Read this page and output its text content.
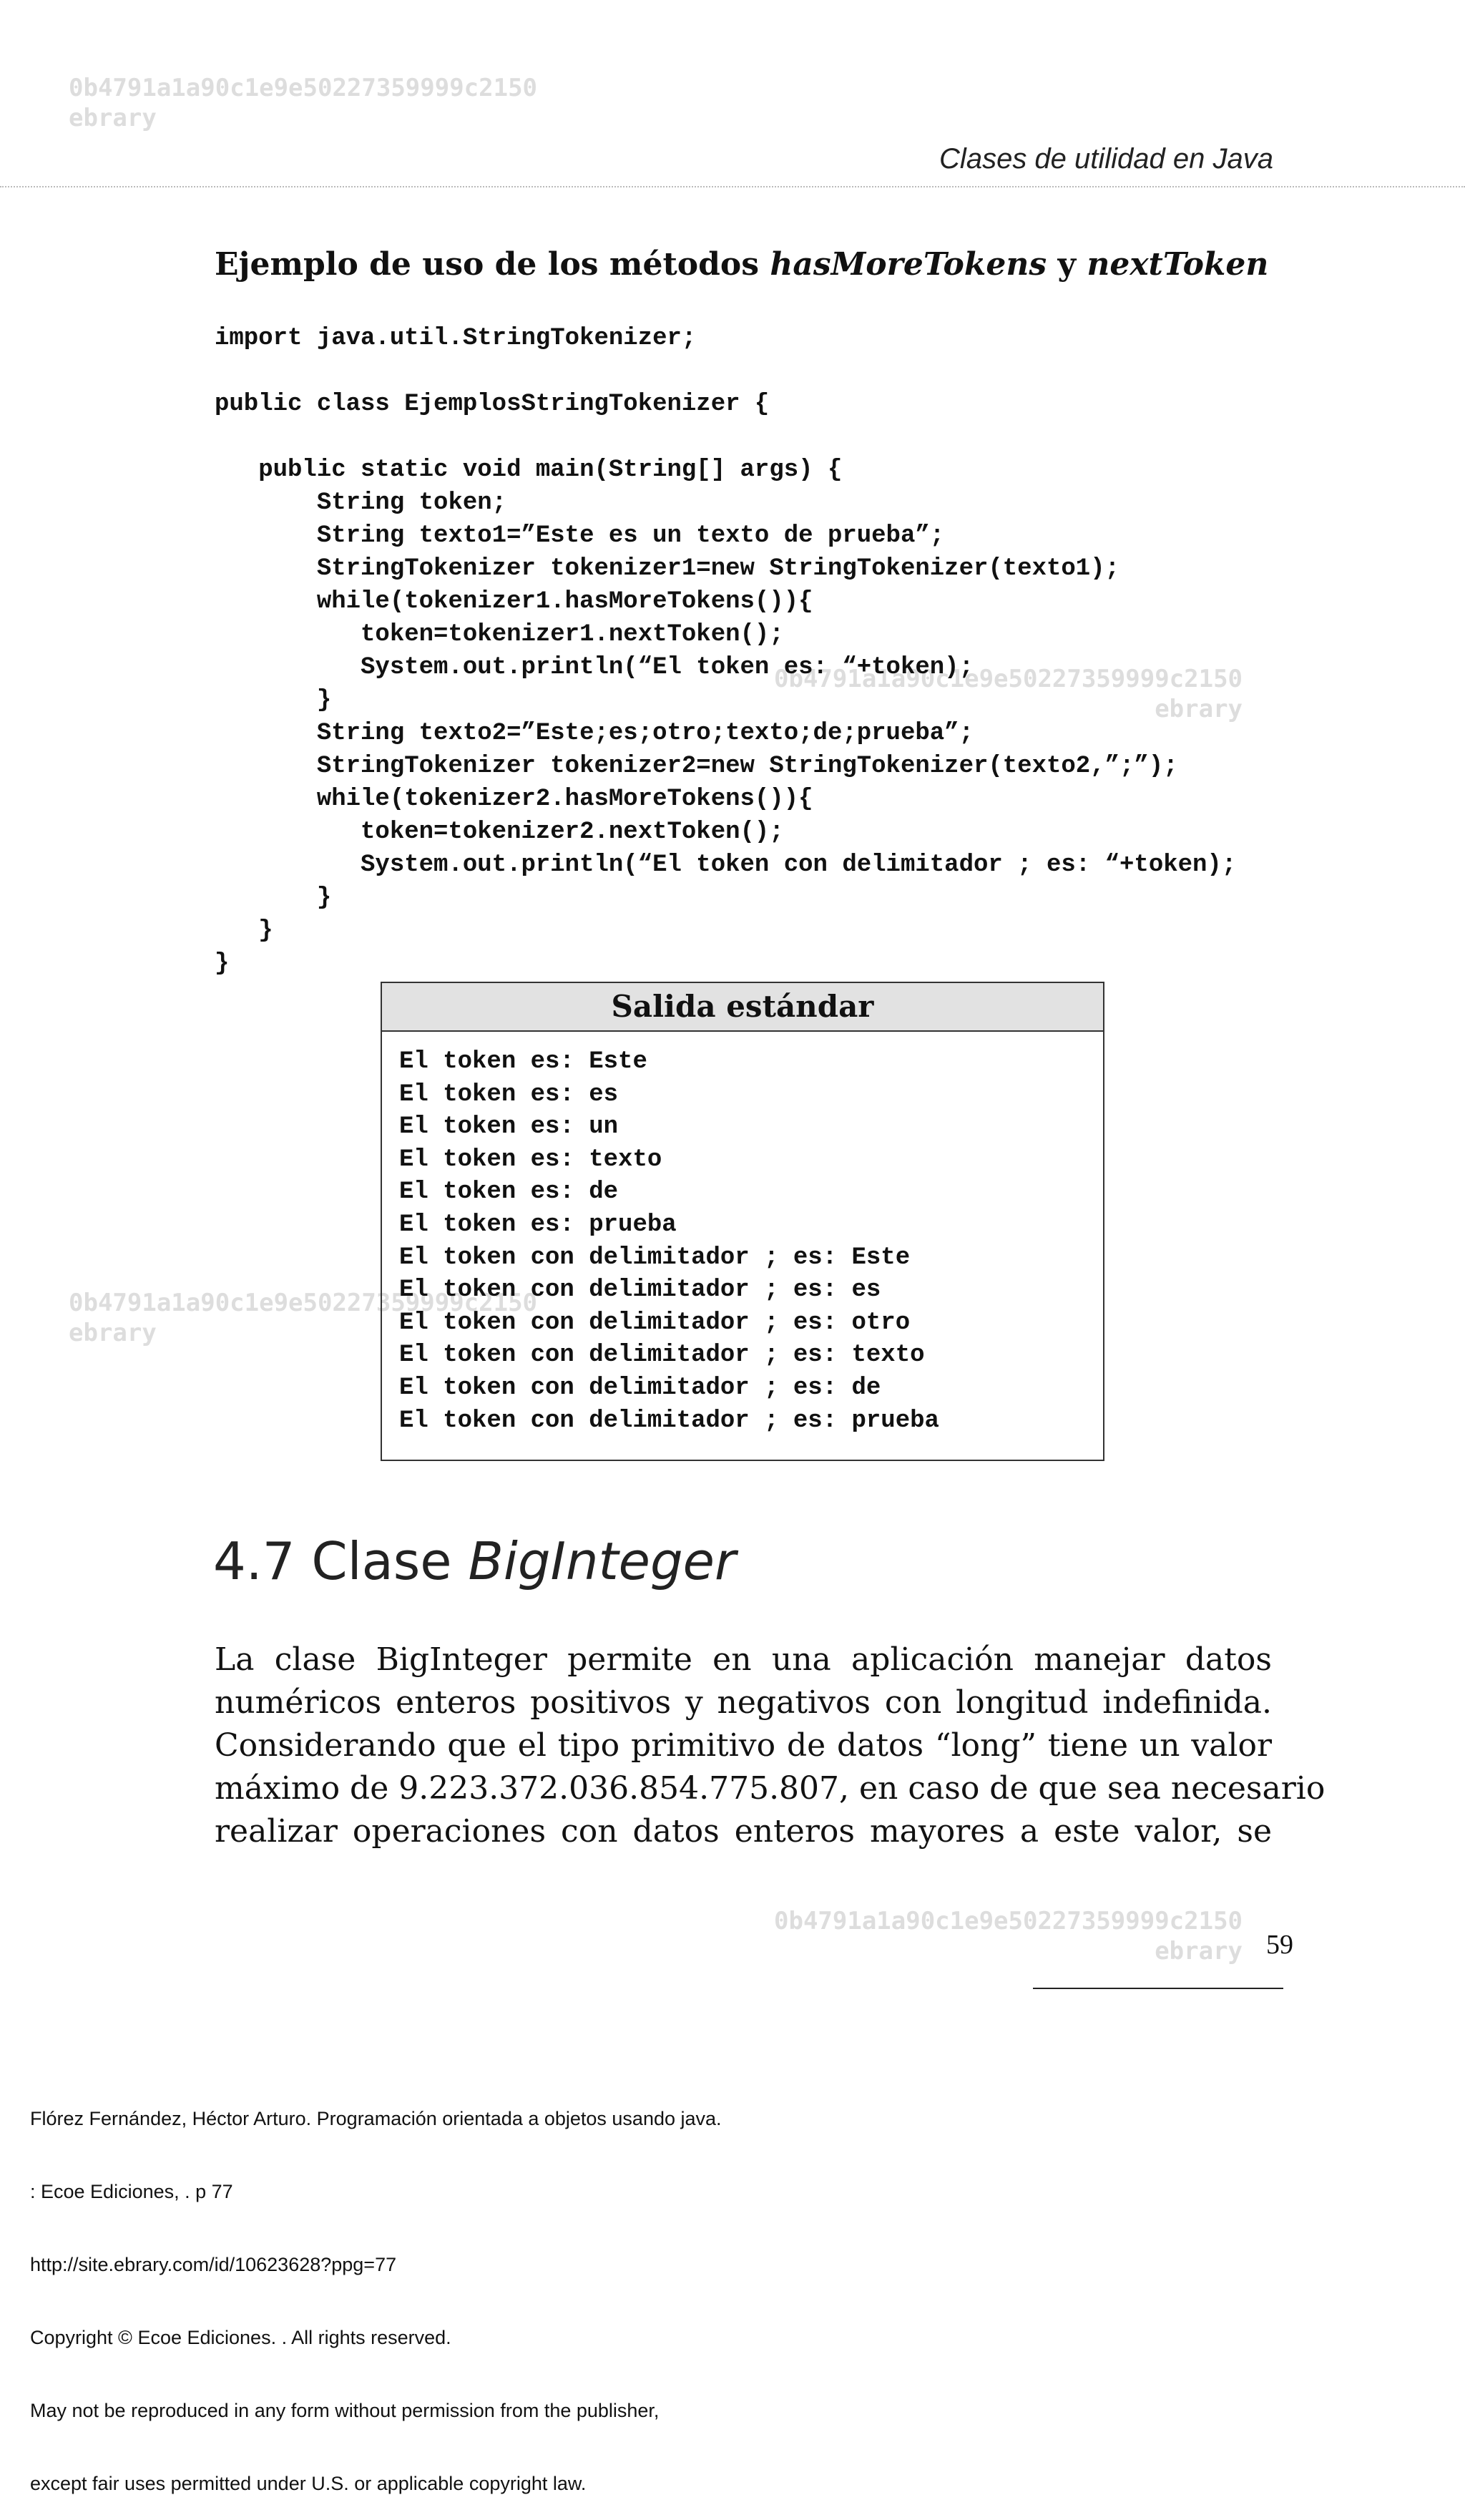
0b4791a1a90c1e9e50227359999c2150
ebrary
0b4791a1a90c1e9e50227359999c2150
ebrary
0b4791a1a90c1e9e50227359999c2150
ebrary
0b4791a1a90c1e9e50227359999c2150
ebrary
Clases de utilidad en Java
Ejemplo de uso de los métodos hasMoreTokens y nextToken
import java.util.StringTokenizer;

public class EjemplosStringTokenizer {

public static void main(String[] args) {
String token;
String texto1=”Este es un texto de prueba”;
StringTokenizer tokenizer1=new StringTokenizer(texto1);
while(tokenizer1.hasMoreTokens()){
token=tokenizer1.nextToken();
System.out.println(“El token es: “+token);
}
String texto2=”Este;es;otro;texto;de;prueba”;
StringTokenizer tokenizer2=new StringTokenizer(texto2,”;”);
while(tokenizer2.hasMoreTokens()){
token=tokenizer2.nextToken();
System.out.println(“El token con delimitador ; es: “+token);
}
}
}
Salida estándar
El token es: Este
El token es: es
El token es: un
El token es: texto
El token es: de
El token es: prueba
El token con delimitador ; es: Este
El token con delimitador ; es: es
El token con delimitador ; es: otro
El token con delimitador ; es: texto
El token con delimitador ; es: de
El token con delimitador ; es: prueba
4.7 Clase BigInteger
La clase BigInteger permite en una aplicación manejar datos
numéricos enteros positivos y negativos con longitud indefinida.
Considerando que el tipo primitivo de datos “long” tiene un valor
máximo de 9.223.372.036.854.775.807, en caso de que sea necesario
realizar operaciones con datos enteros mayores a este valor, se
59

Flórez Fernández, Héctor Arturo. Programación orientada a objetos usando java.

: Ecoe Ediciones, . p 77

http://site.ebrary.com/id/10623628?ppg=77

Copyright © Ecoe Ediciones. . All rights reserved.

May not be reproduced in any form without permission from the publisher,

except fair uses permitted under U.S. or applicable copyright law.
